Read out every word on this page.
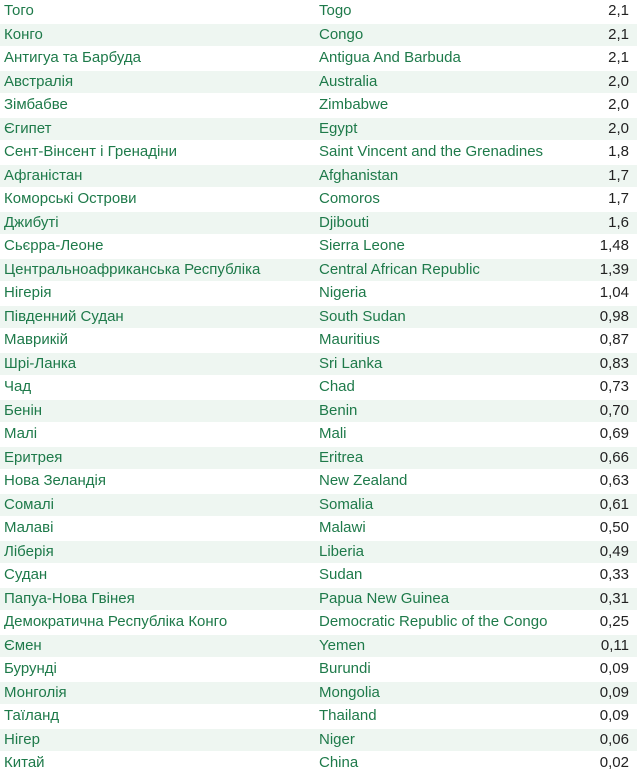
Того	Togo	2,1
Конго	Congo	2,1
Антигуа та Барбуда	Antigua And Barbuda	2,1
Австралія	Australia	2,0
Зімбабве	Zimbabwe	2,0
Єгипет	Egypt	2,0
Сент-Вінсент і Гренадіни	Saint Vincent and the Grenadines	1,8
Афганістан	Afghanistan	1,7
Коморські Острови	Comoros	1,7
Джибуті	Djibouti	1,6
Сьєрра-Леоне	Sierra Leone	1,48
Центральноафриканська Республіка	Central African Republic	1,39
Нігерія	Nigeria	1,04
Південний Судан	South Sudan	0,98
Маврикій	Mauritius	0,87
Шрі-Ланка	Sri Lanka	0,83
Чад	Chad	0,73
Бенін	Benin	0,70
Малі	Mali	0,69
Еритрея	Eritrea	0,66
Нова Зеландія	New Zealand	0,63
Сомалі	Somalia	0,61
Малаві	Malawi	0,50
Ліберія	Liberia	0,49
Судан	Sudan	0,33
Папуа-Нова Гвінея	Papua New Guinea	0,31
Демократична Республіка Конго	Democratic Republic of the Congo	0,25
Ємен	Yemen	0,11
Бурунді	Burundi	0,09
Монголія	Mongolia	0,09
Таїланд	Thailand	0,09
Нігер	Niger	0,06
Китай	China	0,02
